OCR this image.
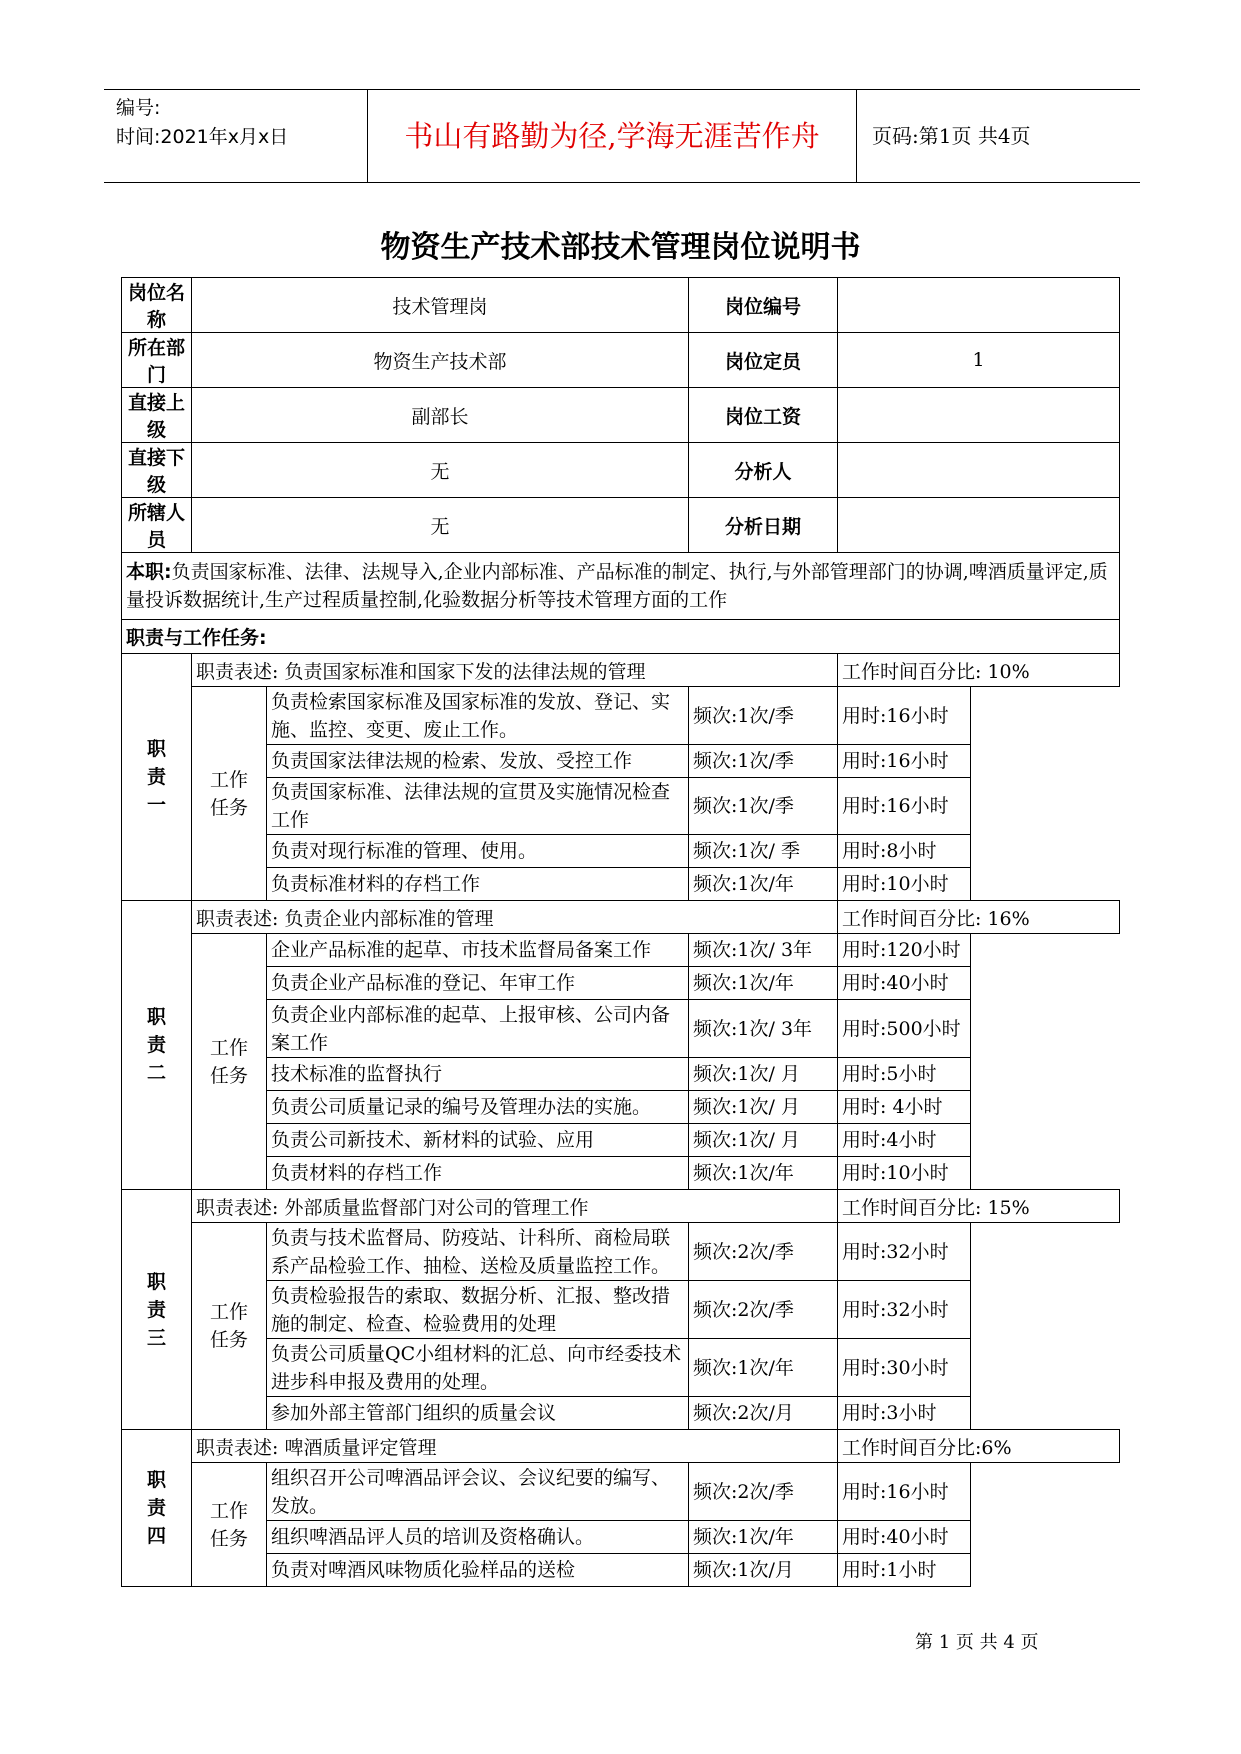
编号:
时间:2021年x月x日	书山有路勤为径,学海无涯苦作舟	页码:第1页 共4页
物资生产技术部技术管理岗位说明书
岗位名称	技术管理岗		岗位编号	
所在部门	物资生产技术部		岗位定员	1
直接上级	副部长		岗位工资	
直接下级	无		分析人	
所辖人员	无		分析日期	
本职:负责国家标准、法律、法规导入,企业内部标准、产品标准的制定、执行,与外部管理部门的协调,啤酒质量评定,质量投诉数据统计,生产过程质量控制,化验数据分析等技术管理方面的工作				
职责与工作任务:				

职责一	职责表述: 负责国家标准和国家下发的法律法规的管理			工作时间百分比: 10%

	工作任务	负责检索国家标准及国家标准的发放、登记、实施、监控、变更、废止工作。	频次:1次/季	用时:16小时
		负责国家法律法规的检索、发放、受控工作	频次:1次/季	用时:16小时
		负责国家标准、法律法规的宣贯及实施情况检查工作	频次:1次/季	用时:16小时
		负责对现行标准的管理、使用。	频次:1次/ 季	用时:8小时
		负责标准材料的存档工作	频次:1次/年	用时:10小时

职责二	职责表述: 负责企业内部标准的管理			工作时间百分比: 16%

	工作任务	企业产品标准的起草、市技术监督局备案工作	频次:1次/ 3年	用时:120小时
		负责企业产品标准的登记、年审工作	频次:1次/年	用时:40小时
		负责企业内部标准的起草、上报审核、公司内备案工作	频次:1次/ 3年	用时:500小时
		技术标准的监督执行	频次:1次/ 月	用时:5小时
		负责公司质量记录的编号及管理办法的实施。	频次:1次/ 月	用时: 4小时
		负责公司新技术、新材料的试验、应用	频次:1次/ 月	用时:4小时
		负责材料的存档工作	频次:1次/年	用时:10小时

职责三	职责表述: 外部质量监督部门对公司的管理工作			工作时间百分比: 15%

	工作任务	负责与技术监督局、防疫站、计科所、商检局联系产品检验工作、抽检、送检及质量监控工作。	频次:2次/季	用时:32小时
		负责检验报告的索取、数据分析、汇报、整改措施的制定、检查、检验费用的处理	频次:2次/季	用时:32小时
		负责公司质量QC小组材料的汇总、向市经委技术进步科申报及费用的处理。	频次:1次/年	用时:30小时
		参加外部主管部门组织的质量会议	频次:2次/月	用时:3小时

职责四	职责表述: 啤酒质量评定管理			工作时间百分比:6%

	工作任务	组织召开公司啤酒品评会议、会议纪要的编写、发放。	频次:2次/季	用时:16小时
		组织啤酒品评人员的培训及资格确认。	频次:1次/年	用时:40小时
		负责对啤酒风味物质化验样品的送检	频次:1次/月	用时:1小时
第 1 页 共 4 页
